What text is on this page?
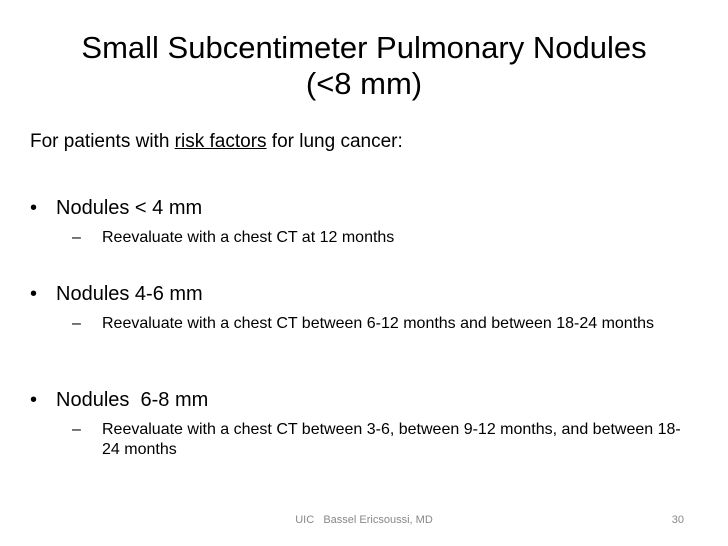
Small Subcentimeter Pulmonary Nodules
(<8 mm)
For patients with risk factors for lung cancer:
• Nodules < 4 mm
– Reevaluate with a chest CT at 12 months
• Nodules 4-6 mm
– Reevaluate with a chest CT between 6-12 months and between 18-24 months
• Nodules  6-8 mm
– Reevaluate with a chest CT between 3-6, between 9-12 months, and between 18-24 months
UIC   Bassel Ericsoussi, MD	30
